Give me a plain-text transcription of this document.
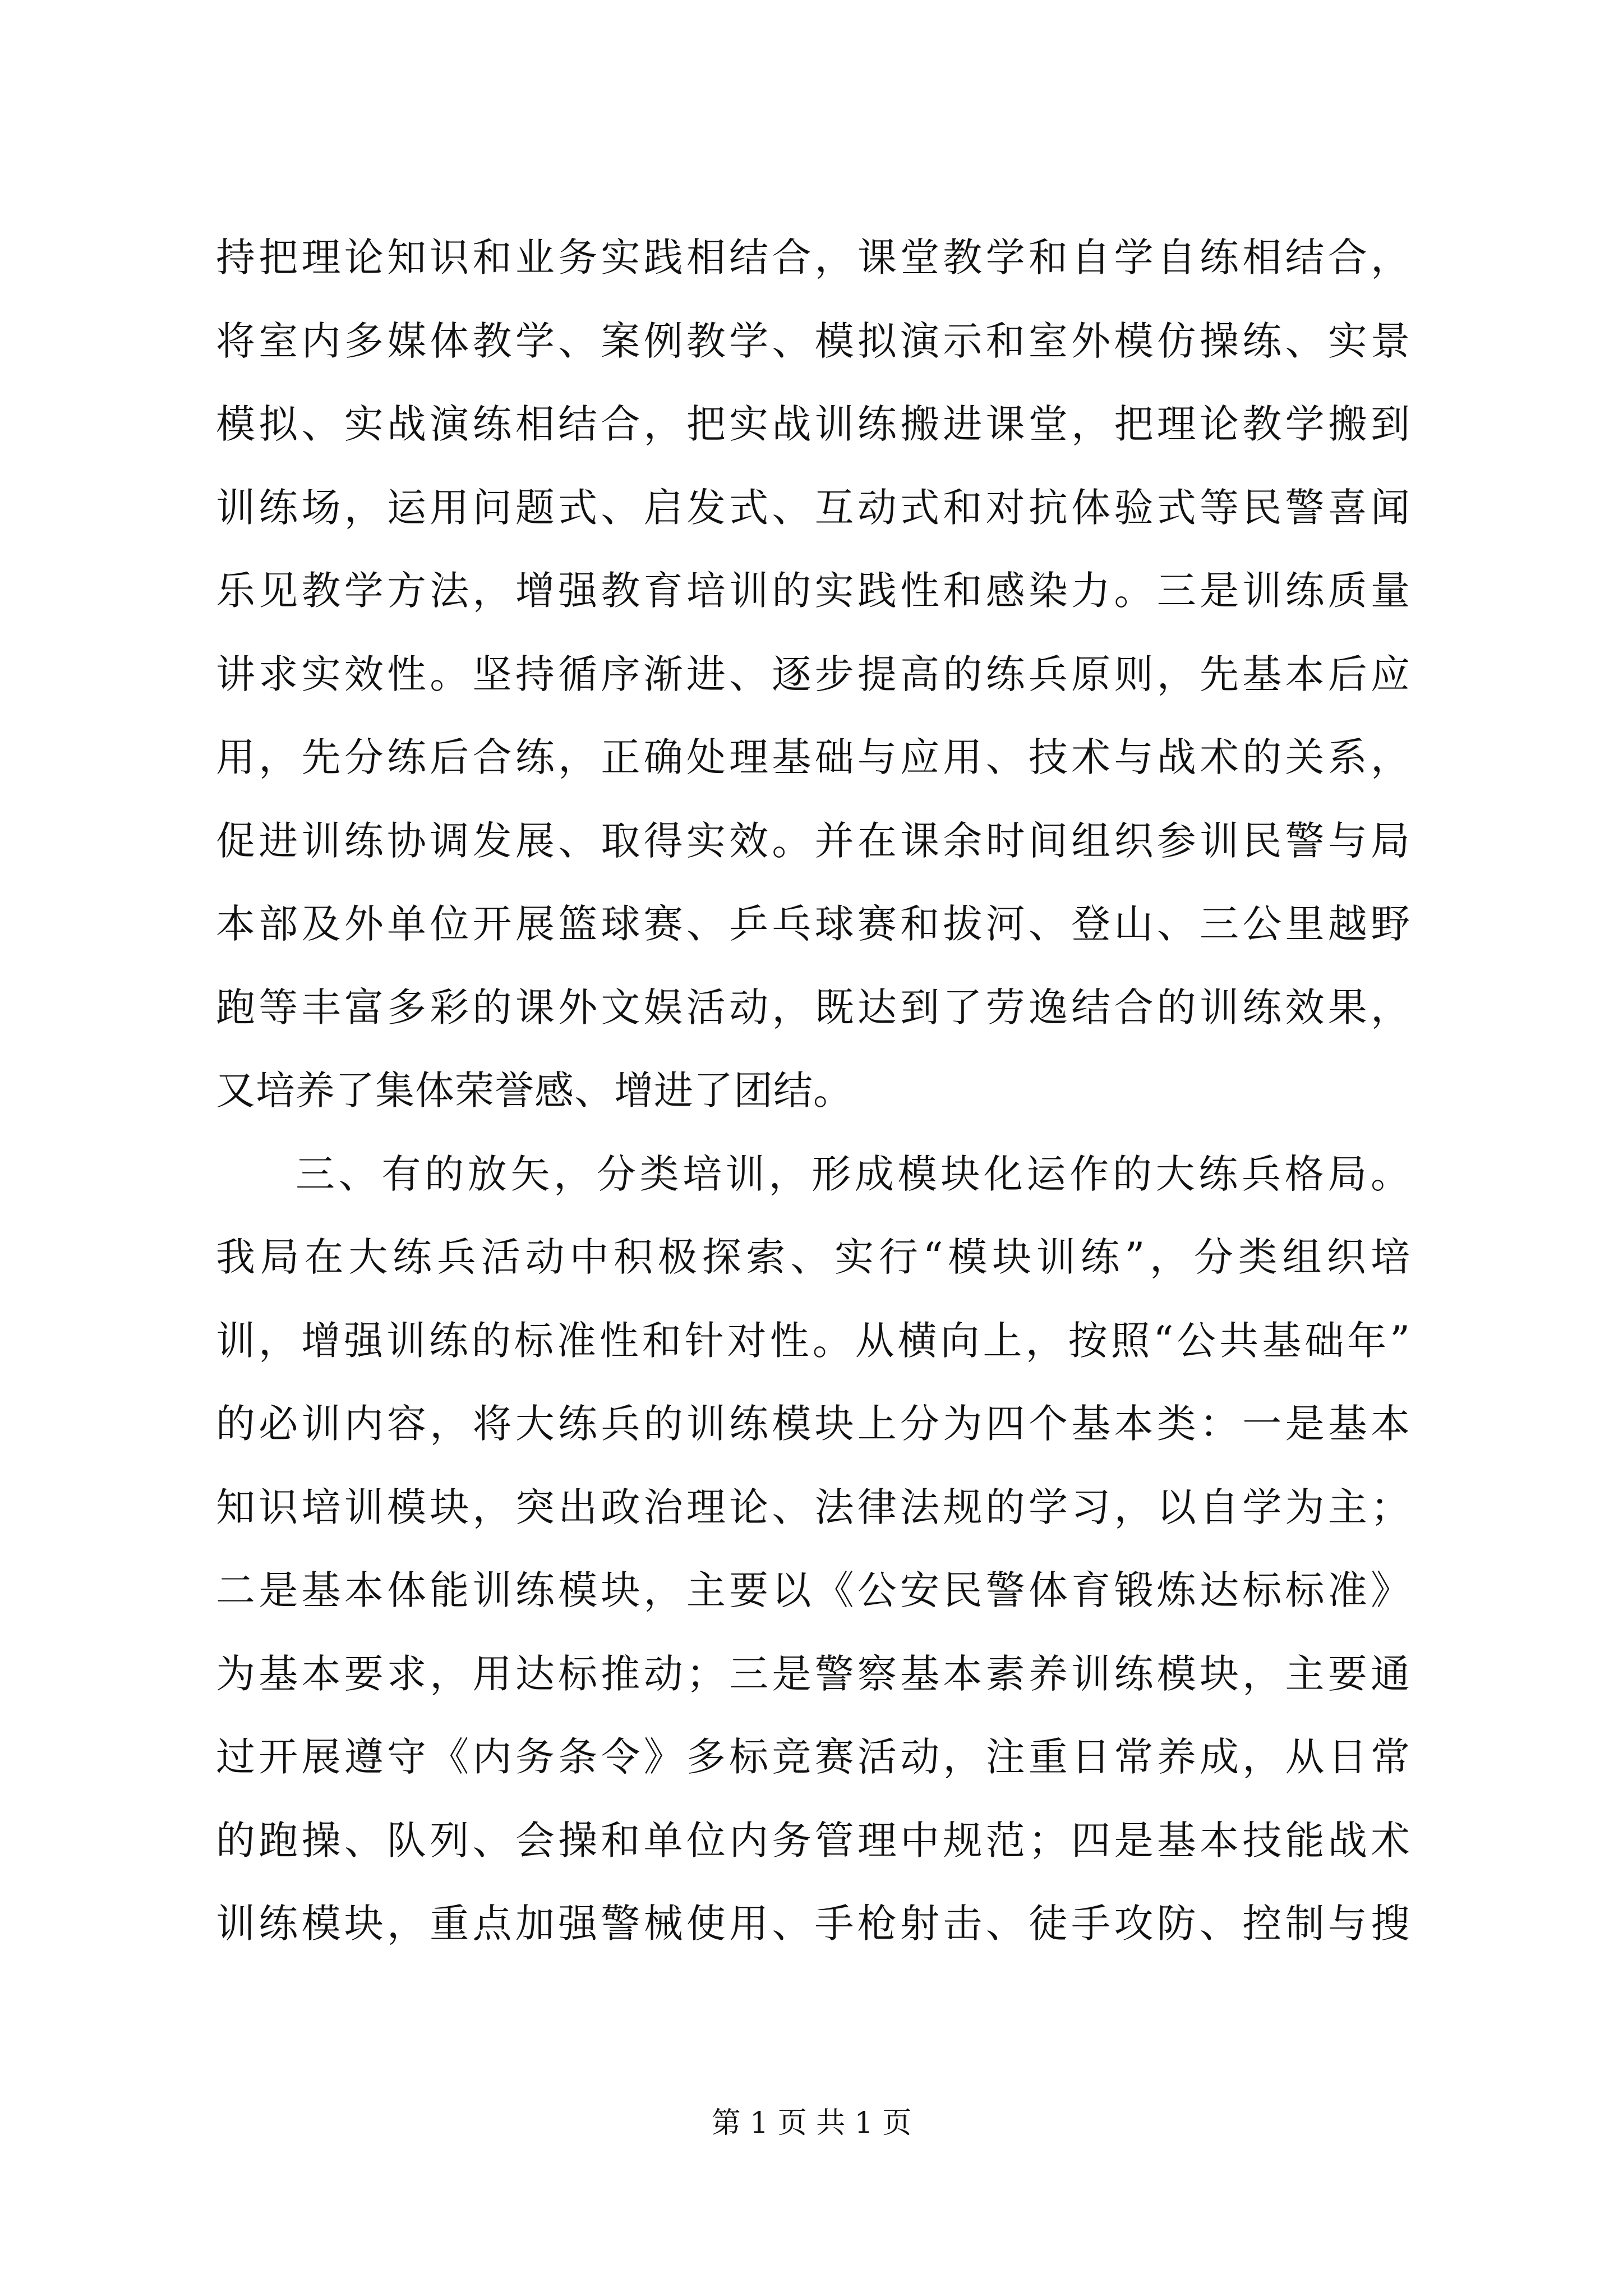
持把理论知识和业务实践相结合，课堂教学和自学自练相结合，
将室内多媒体教学、案例教学、模拟演示和室外模仿操练、实景
模拟、实战演练相结合，把实战训练搬进课堂，把理论教学搬到
训练场，运用问题式、启发式、互动式和对抗体验式等民警喜闻
乐见教学方法，增强教育培训的实践性和感染力。三是训练质量
讲求实效性。坚持循序渐进、逐步提高的练兵原则，先基本后应
用，先分练后合练，正确处理基础与应用、技术与战术的关系，
促进训练协调发展、取得实效。并在课余时间组织参训民警与局
本部及外单位开展篮球赛、乒乓球赛和拔河、登山、三公里越野
跑等丰富多彩的课外文娱活动，既达到了劳逸结合的训练效果，
又培养了集体荣誉感、增进了团结。
三、有的放矢，分类培训，形成模块化运作的大练兵格局。
我局在大练兵活动中积极探索、实行“模块训练”，分类组织培
训，增强训练的标准性和针对性。从横向上，按照“公共基础年”
的必训内容，将大练兵的训练模块上分为四个基本类：一是基本
知识培训模块，突出政治理论、法律法规的学习，以自学为主；
二是基本体能训练模块，主要以《公安民警体育锻炼达标标准》
为基本要求，用达标推动；三是警察基本素养训练模块，主要通
过开展遵守《内务条令》多标竞赛活动，注重日常养成，从日常
的跑操、队列、会操和单位内务管理中规范；四是基本技能战术
训练模块，重点加强警械使用、手枪射击、徒手攻防、控制与搜
第 1 页 共 1 页
